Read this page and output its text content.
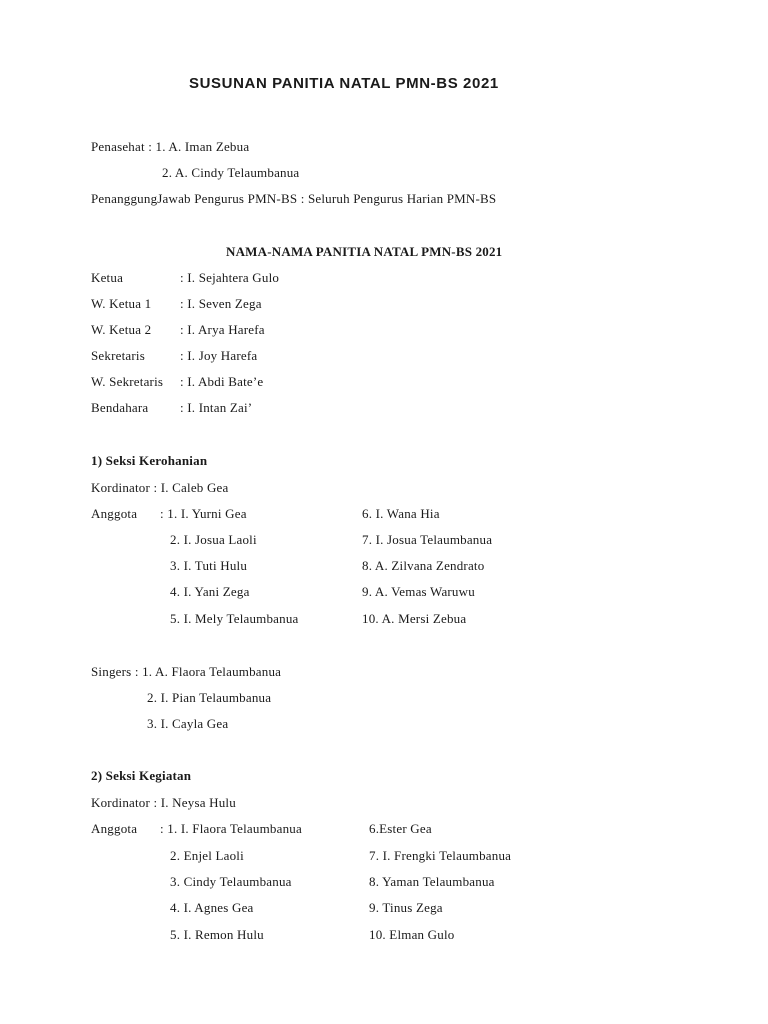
SUSUNAN PANITIA NATAL PMN-BS 2021
Penasehat : 1. A. Iman Zebua
2. A. Cindy Telaumbanua
PenanggungJawab Pengurus PMN-BS : Seluruh Pengurus Harian PMN-BS
NAMA-NAMA PANITIA NATAL PMN-BS 2021
Ketua	: I. Sejahtera Gulo
W. Ketua 1 : I. Seven Zega
W. Ketua 2 : I. Arya Harefa
Sekretaris	: I. Joy Harefa
W. Sekretaris : I. Abdi Bate’e
Bendahara : I. Intan Zai’
1) Seksi Kerohanian
Kordinator : I. Caleb Gea
Anggota : 1. I. Yurni Gea
2. I. Josua Laoli
3. I. Tuti Hulu
4. I. Yani Zega
5. I. Mely Telaumbanua
6. I. Wana Hia
7. I. Josua Telaumbanua
8. A. Zilvana Zendrato
9. A. Vemas Waruwu
10. A. Mersi Zebua
Singers : 1. A. Flaora Telaumbanua
2. I. Pian Telaumbanua
3. I. Cayla Gea
2) Seksi Kegiatan
Kordinator : I. Neysa Hulu
Anggota : 1. I. Flaora Telaumbanua
2. Enjel Laoli
3. Cindy Telaumbanua
4. I. Agnes Gea
5. I. Remon Hulu
6.Ester Gea
7. I. Frengki Telaumbanua
8. Yaman Telaumbanua
9. Tinus Zega
10. Elman Gulo
